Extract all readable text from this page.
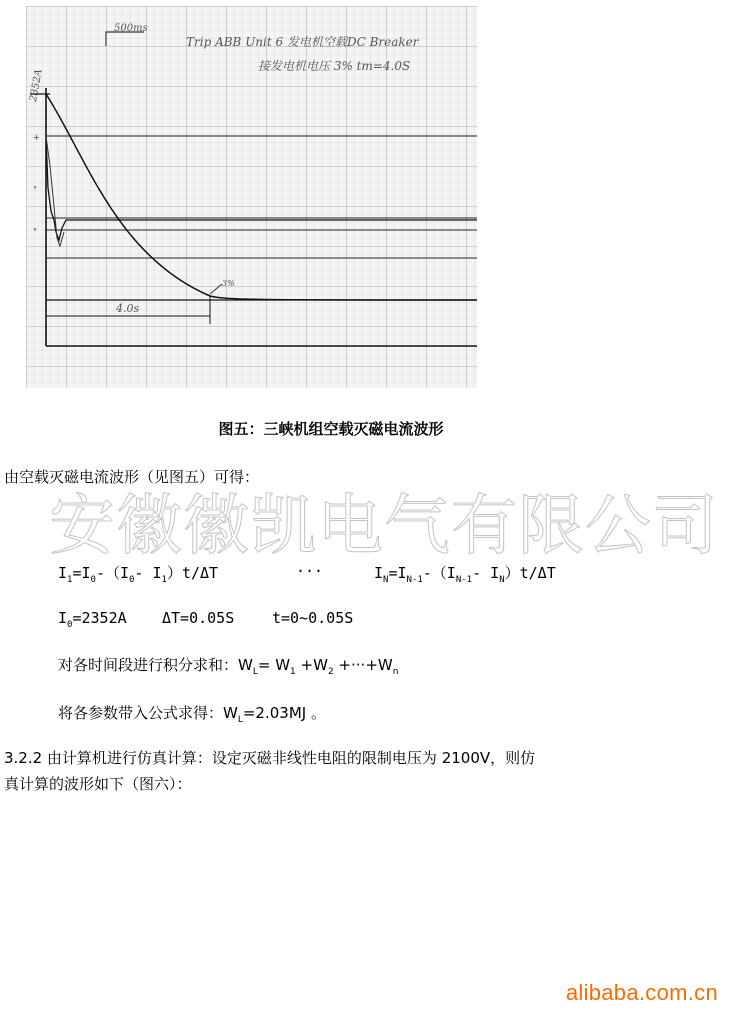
500ms
Trip ABB Unit 6 发电机空载DC Breaker
接发电机电压 3% tm=4.0S
2352A
4.0s
3%
+
°
°
图五：三峡机组空载灭磁电流波形
由空载灭磁电流波形（见图五）可得：
安徽徽凯电气有限公司
$I_1=I_0-(I_0-$ $I_1)t/\Delta T$	···	$I_N=I_{N-1}-(I_{N-1}-$ $I_N)t/\Delta T$
$I_0=2352A$ ΔT=0.05S	t=0~0.05S
对各时间段进行积分求和：$W_L= W_1 +W_2 +\cdot\cdot\cdot+W_n$
将各参数带入公式求得：$W_L=2.03MJ$ 。
3.2.2 由计算机进行仿真计算：设定灭磁非线性电阻的限制电压为 2100V，则仿
真计算的波形如下（图六）：
alibaba.com.cn
